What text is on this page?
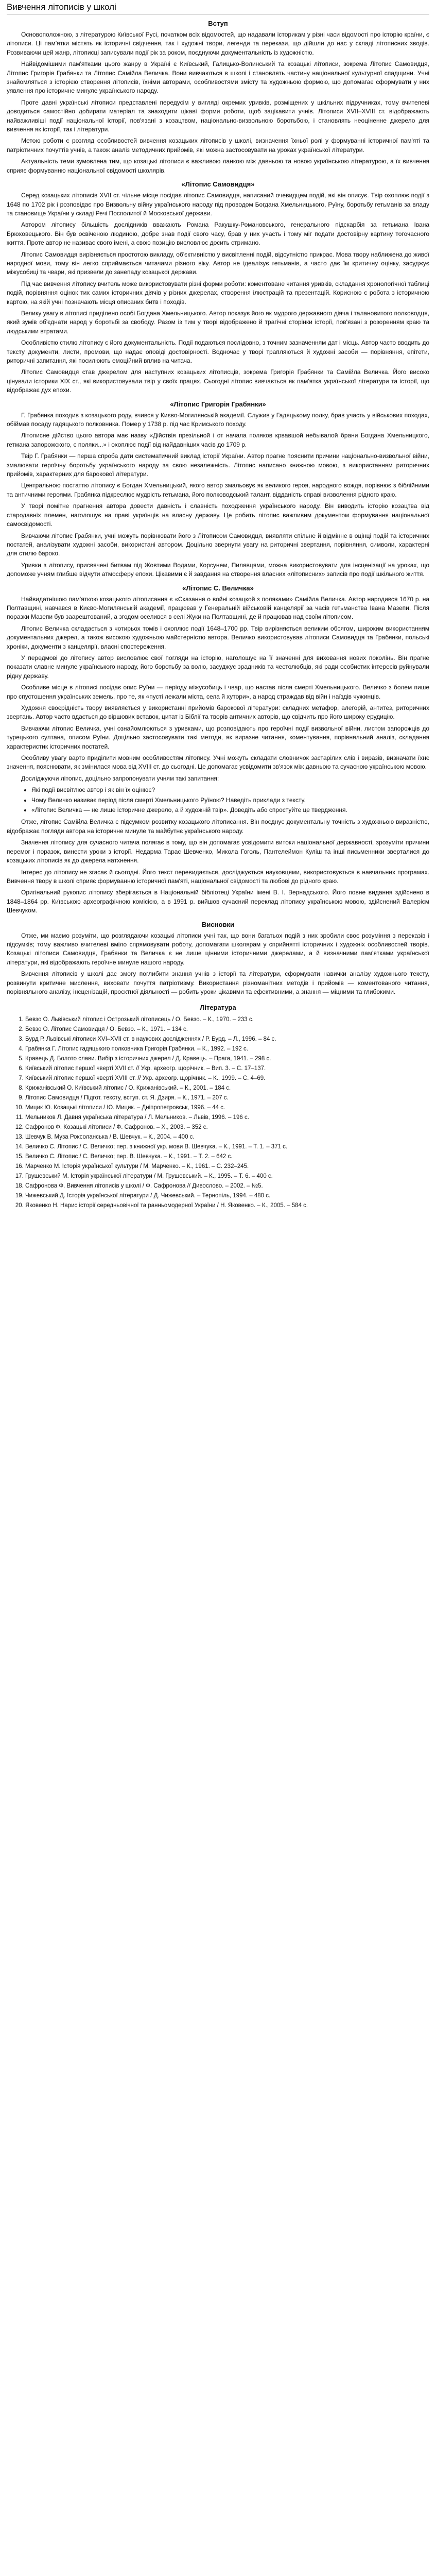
Вивчення літописів у школі
Вступ

Основоположною, з літературою Київської Русі, початком всіх відомостей, що надавали історикам у різні часи відомості про історію країни, є літописи. Ці пам'ятки містять як історичні свідчення, так і художні твори, легенди та перекази, що дійшли до нас у складі літописних зводів. Розвиваючи цей жанр, літописці записували події рік за роком, поєднуючи документальність із художністю.

Найвідомішими пам'ятками цього жанру в Україні є Київський, Галицько-Волинський та козацькі літописи, зокрема Літопис Самовидця, Літопис Григорія Грабянки та Літопис Самійла Величка. Вони вивчаються в школі і становлять частину національної культурної спадщини. Учні знайомляться з історією створення літописів, їхніми авторами, особливостями змісту та художньою формою, що допомагає сформувати у них уявлення про історичне минуле українського народу.

Проте давні українські літописи представлені передусім у вигляді окремих уривків, розміщених у шкільних підручниках, тому вчителеві доводиться самостійно добирати матеріал та знаходити цікаві форми роботи, щоб зацікавити учнів. Літописи XVII–XVIII ст. відображають найважливіші події національної історії, пов'язані з козацтвом, національно-визвольною боротьбою, і становлять неоціненне джерело для вивчення як історії, так і літератури.

Метою роботи є розгляд особливостей вивчення козацьких літописів у школі, визначення їхньої ролі у формуванні історичної пам'яті та патріотичних почуттів учнів, а також аналіз методичних прийомів, які можна застосовувати на уроках української літератури.

Актуальність теми зумовлена тим, що козацькі літописи є важливою ланкою між давньою та новою українською літературою, а їх вивчення сприяє формуванню національної свідомості школярів.

«Літопис Самовидця»

Серед козацьких літописів XVII ст. чільне місце посідає літопис Самовидця, написаний очевидцем подій, які він описує. Твір охоплює події з 1648 по 1702 рік і розповідає про Визвольну війну українського народу під проводом Богдана Хмельницького, Руїну, боротьбу гетьманів за владу та становище України у складі Речі Посполитої й Московської держави.

Автором літопису більшість дослідників вважають Романа Ракушку-Романовського, генерального підскарбія за гетьмана Івана Брюховецького. Він був освіченою людиною, добре знав події свого часу, брав у них участь і тому міг подати достовірну картину тогочасного життя. Проте автор не називає свого імені, а свою позицію висловлює досить стримано.

Літопис Самовидця вирізняється простотою викладу, об'єктивністю у висвітленні подій, відсутністю прикрас. Мова твору наближена до живої народної мови, тому він легко сприймається читачами різного віку. Автор не ідеалізує гетьманів, а часто дає їм критичну оцінку, засуджує міжусобиці та чвари, які призвели до занепаду козацької держави.

Під час вивчення літопису вчитель може використовувати різні форми роботи: коментоване читання уривків, складання хронологічної таблиці подій, порівняння оцінок тих самих історичних діячів у різних джерелах, створення ілюстрацій та презентацій. Корисною є робота з історичною картою, на якій учні позначають місця описаних битв і походів.

Велику увагу в літописі приділено особі Богдана Хмельницького. Автор показує його як мудрого державного діяча і талановитого полководця, який зумів об'єднати народ у боротьбі за свободу. Разом із тим у творі відображено й трагічні сторінки історії, пов'язані з розоренням краю та людськими втратами.

Особливістю стилю літопису є його документальність. Події подаються послідовно, з точним зазначенням дат і місць. Автор часто вводить до тексту документи, листи, промови, що надає оповіді достовірності. Водночас у творі трапляються й художні засоби — порівняння, епітети, риторичні запитання, які посилюють емоційний вплив на читача.

Літопис Самовидця став джерелом для наступних козацьких літописців, зокрема Григорія Грабянки та Самійла Величка. Його високо цінували історики ХІХ ст., які використовували твір у своїх працях. Сьогодні літопис вивчається як пам'ятка української літератури та історії, що відображає дух епохи.

«Літопис Григорія Грабянки»

Г. Грабянка походив з козацького роду, вчився у Києво-Могилянській академії. Служив у Гадяцькому полку, брав участь у військових походах, обіймав посаду гадяцького полковника. Помер у 1738 р. під час Кримського походу.

Літописне дійство цього автора має назву «Дійствія презільной і от начала поляков крвавшой небывалой брани Богдана Хмельницкого, гетмана запорожского, с поляки...» і охоплює події від найдавніших часів до 1709 р.

Твір Г. Грабянки — перша спроба дати систематичний виклад історії України. Автор прагне пояснити причини національно-визвольної війни, змалювати героїчну боротьбу українського народу за свою незалежність. Літопис написано книжною мовою, з використанням риторичних прийомів, характерних для барокової літератури.

Центральною постаттю літопису є Богдан Хмельницький, якого автор змальовує як великого героя, народного вождя, порівнює з біблійними та античними героями. Грабянка підкреслює мудрість гетьмана, його полководський талант, відданість справі визволення рідного краю.

У творі помітне прагнення автора довести давність і славність походження українського народу. Він виводить історію козацтва від стародавніх племен, наголошує на праві українців на власну державу. Це робить літопис важливим документом формування національної самосвідомості.

Вивчаючи літопис Грабянки, учні можуть порівнювати його з Літописом Самовидця, виявляти спільне й відмінне в оцінці подій та історичних постатей, аналізувати художні засоби, використані автором. Доцільно звернути увагу на риторичні звертання, порівняння, символи, характерні для стилю бароко.

Уривки з літопису, присвячені битвам під Жовтими Водами, Корсунем, Пилявцями, можна використовувати для інсценізації на уроках, що допоможе учням глибше відчути атмосферу епохи. Цікавими є й завдання на створення власних «літописних» записів про події шкільного життя.

«Літопис С. Величка»

Найвидатнішою пам'яткою козацького літописання є «Сказання о войні козацкой з поляками» Самійла Величка. Автор народився 1670 р. на Полтавщині, навчався в Києво-Могилянській академії, працював у Генеральній військовій канцелярії за часів гетьманства Івана Мазепи. Після поразки Мазепи був заарештований, а згодом оселився в селі Жуки на Полтавщині, де й працював над своїм літописом.

Літопис Величка складається з чотирьох томів і охоплює події 1648–1700 рр. Твір вирізняється великим обсягом, широким використанням документальних джерел, а також високою художньою майстерністю автора. Величко використовував літописи Самовидця та Грабянки, польські хроніки, документи з канцелярії, власні спостереження.

У передмові до літопису автор висловлює свої погляди на історію, наголошує на її значенні для виховання нових поколінь. Він прагне показати славне минуле українського народу, його боротьбу за волю, засуджує зрадників та честолюбців, які ради особистих інтересів руйнували рідну державу.

Особливе місце в літописі посідає опис Руїни — періоду міжусобиць і чвар, що настав після смерті Хмельницького. Величко з болем пише про спустошення українських земель, про те, як «пусті лежали міста, села й хутори», а народ страждав від війн і наїздів чужинців.

Художня своєрідність твору виявляється у використанні прийомів барокової літератури: складних метафор, алегорій, антитез, риторичних звертань. Автор часто вдається до віршових вставок, цитат із Біблії та творів античних авторів, що свідчить про його широку ерудицію.

Вивчаючи літопис Величка, учні ознайомлюються з уривками, що розповідають про героїчні події визвольної війни, листом запорожців до турецького султана, описом Руїни. Доцільно застосовувати такі методи, як виразне читання, коментування, порівняльний аналіз, складання характеристик історичних постатей.

Особливу увагу варто приділити мовним особливостям літопису. Учні можуть складати словничок застарілих слів і виразів, визначати їхнє значення, пояснювати, як змінилася мова від XVIII ст. до сьогодні. Це допомагає усвідомити зв'язок між давньою та сучасною українською мовою.

Досліджуючи літопис, доцільно запропонувати учням такі запитання:

• Які події висвітлює автор і як він їх оцінює?
• Чому Величко називає період після смерті Хмельницького Руїною? Наведіть приклади з тексту.
• «Літопис Величка — не лише історичне джерело, а й художній твір». Доведіть або спростуйте це твердження.

Отже, літопис Самійла Величка є підсумком розвитку козацького літописання. Він поєднує документальну точність з художньою виразністю, відображає погляди автора на історичне минуле та майбутнє українського народу.

Значення літопису для сучасного читача полягає в тому, що він допомагає усвідомити витоки національної державності, зрозуміти причини перемог і поразок, винести уроки з історії. Недарма Тарас Шевченко, Микола Гоголь, Пантелеймон Куліш та інші письменники зверталися до козацьких літописів як до джерела натхнення.

Інтерес до літопису не згасає й сьогодні. Його текст перевидається, досліджується науковцями, використовується в навчальних програмах. Вивчення твору в школі сприяє формуванню історичної пам'яті, національної свідомості та любові до рідного краю.

Оригінальний рукопис літопису зберігається в Національній бібліотеці України імені В. І. Вернадського. Його повне видання здійснено в 1848–1864 рр. Київською археографічною комісією, а в 1991 р. вийшов сучасний переклад літопису українською мовою, здійснений Валерієм Шевчуком.

Висновки

Отже, ми маємо розуміти, що розглядаючи козацькі літописи учні так, що вони багатьох подій з них зробили своє розуміння з переказів і підсумків; тому важливо вчителеві вміло спрямовувати роботу, допомагати школярам у сприйнятті історичних і художніх особливостей творів. Козацькі літописи Самовидця, Грабянки та Величка є не лише цінними історичними джерелами, а й визначними пам'ятками української літератури, які відображають героїчне минуле нашого народу.

Вивчення літописів у школі дає змогу поглибити знання учнів з історії та літератури, сформувати навички аналізу художнього тексту, розвинути критичне мислення, виховати почуття патріотизму. Використання різноманітних методів і прийомів — коментованого читання, порівняльного аналізу, інсценізацій, проєктної діяльності — робить уроки цікавими та ефективними, а знання — міцними та глибокими.

Література
1. Бевзо О. Львівський літопис і Острозький літописець / О. Бевзо. – К., 1970. – 233 с.
2. Бевзо О. Літопис Самовидця / О. Бевзо. – К., 1971. – 134 с.
3. Бурд Р. Львівські літописи XVI–XVII ст. в наукових дослідженнях / Р. Бурд. – Л., 1996. – 84 с.
4. Грабянка Г. Літопис гадяцького полковника Григорія Грабянки. – К., 1992. – 192 с.
5. Кравець Д. Болото слави. Вибір з історичних джерел / Д. Кравець. – Прага, 1941. – 298 с.
6. Київський літопис першої чверті XVII ст. // Укр. археогр. щорічник. – Вип. 3. – С. 17–137.
7. Київський літопис першої чверті XVIII ст. // Укр. археогр. щорічник. – К., 1999. – С. 4–69.
8. Крижанівський О. Київський літопис / О. Крижанівський. – К., 2001. – 184 с.
9. Літопис Самовидця / Підгот. тексту, вступ. ст. Я. Дзиря. – К., 1971. – 207 с.
10. Мицик Ю. Козацькі літописи / Ю. Мицик. – Дніпропетровськ, 1996. – 44 с.
11. Мельников Л. Давня українська література / Л. Мельников. – Львів, 1996. – 196 с.
12. Сафронов Ф. Козацькі літописи / Ф. Сафронов. – Х., 2003. – 352 с.
13. Шевчук В. Муза Роксоланська / В. Шевчук. – К., 2004. – 400 с.
14. Величко С. Літопис / С. Величко; пер. з книжної укр. мови В. Шевчука. – К., 1991. – Т. 1. – 371 с.
15. Величко С. Літопис / С. Величко; пер. В. Шевчука. – К., 1991. – Т. 2. – 642 с.
16. Марченко М. Історія української культури / М. Марченко. – К., 1961. – С. 232–245.
17. Грушевський М. Історія української літератури / М. Грушевський. – К., 1995. – Т. 6. – 400 с.
18. Сафронова Ф. Вивчення літописів у школі / Ф. Сафронова // Дивослово. – 2002. – №5.
19. Чижевський Д. Історія української літератури / Д. Чижевський. – Тернопіль, 1994. – 480 с.
20. Яковенко Н. Нарис історії середньовічної та ранньомодерної України / Н. Яковенко. – К., 2005. – 584 с.
